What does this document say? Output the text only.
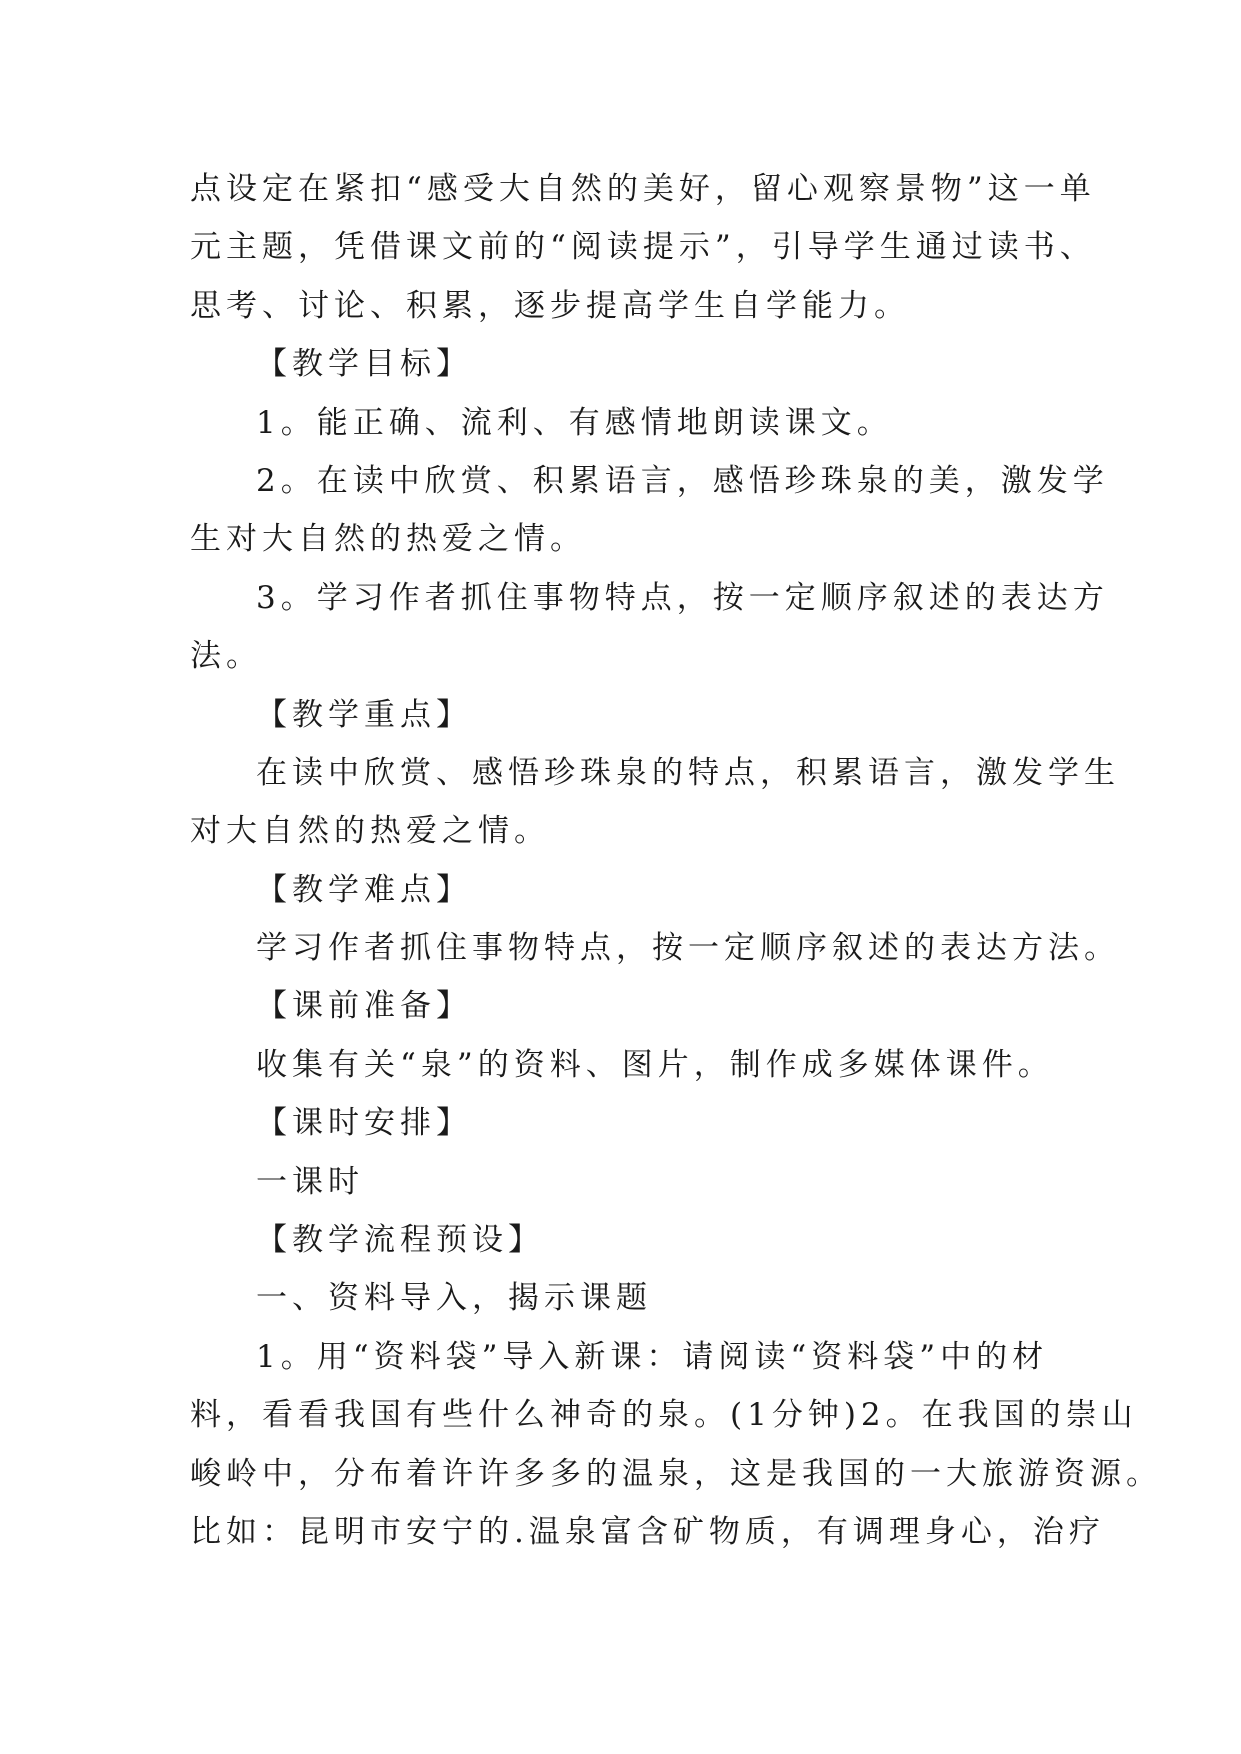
点设定在紧扣“感受大自然的美好，留心观察景物”这一单
元主题，凭借课文前的“阅读提示”，引导学生通过读书、
思考、讨论、积累，逐步提高学生自学能力。
【教学目标】
1。能正确、流利、有感情地朗读课文。
2。在读中欣赏、积累语言，感悟珍珠泉的美，激发学
生对大自然的热爱之情。
3。学习作者抓住事物特点，按一定顺序叙述的表达方
法。
【教学重点】
在读中欣赏、感悟珍珠泉的特点，积累语言，激发学生
对大自然的热爱之情。
【教学难点】
学习作者抓住事物特点，按一定顺序叙述的表达方法。
【课前准备】
收集有关“泉”的资料、图片，制作成多媒体课件。
【课时安排】
一课时
【教学流程预设】
一、资料导入，揭示课题
1。用“资料袋”导入新课：请阅读“资料袋”中的材
料，看看我国有些什么神奇的泉。(1分钟)2。在我国的崇山
峻岭中，分布着许许多多的温泉，这是我国的一大旅游资源。
比如：昆明市安宁的.温泉富含矿物质，有调理身心，治疗
